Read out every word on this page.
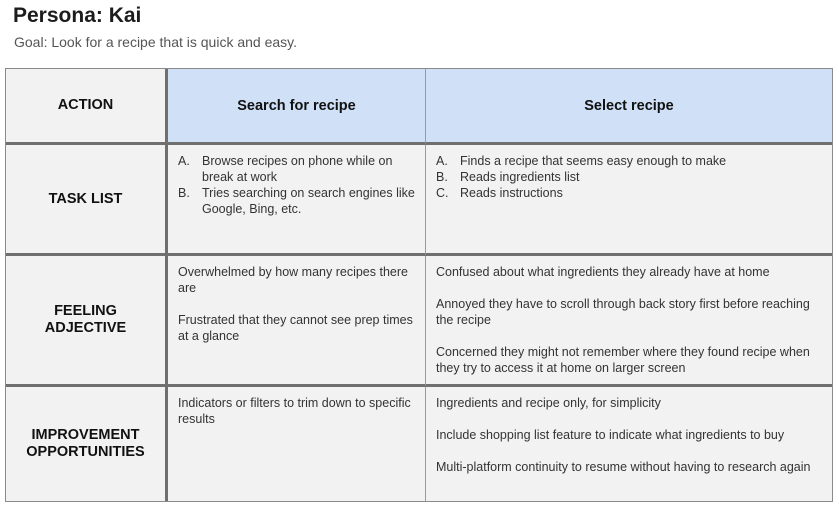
Persona: Kai
Goal: Look for a recipe that is quick and easy.
ACTION	Search for recipe	Select recipe
TASK LIST
A. Browse recipes on phone while on break at work
B. Tries searching on search engines like Google, Bing, etc.
A. Finds a recipe that seems easy enough to make
B. Reads ingredients list
C. Reads instructions
FEELING
ADJECTIVE

Overwhelmed by how many recipes there are

Frustrated that they cannot see prep times at a glance

Confused about what ingredients they already have at home

Annoyed they have to scroll through back story first before reaching the recipe

Concerned they might not remember where they found recipe when they try to access it at home on larger screen

IMPROVEMENT
OPPORTUNITIES

Indicators or filters to trim down to specific results

Ingredients and recipe only, for simplicity

Include shopping list feature to indicate what ingredients to buy

Multi-platform continuity to resume without having to research again
